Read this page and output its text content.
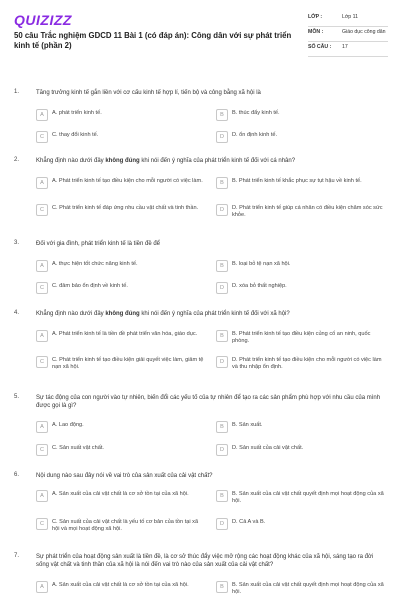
QUIZIZZ
50 câu Trắc nghiệm GDCD 11 Bài 1 (có đáp án): Công dân với sự phát triển kinh tế (phần 2)
LỚP :	Lớp 11
MÔN :	Giáo dục công dân
SỐ CÂU :	17
1.	Tăng trưởng kinh tế gắn liền với cơ cấu kinh tế hợp lí, tiến bộ và công bằng xã hội là
A	A. phát triển kinh tế.	B	B. thúc đẩy kinh tế.
C	C. thay đổi kinh tế.	D	D. ổn định kinh tế.
2.	Khẳng định nào dưới đây không đúng khi nói đến ý nghĩa của phát triển kinh tế đối với cá nhân?
A	A. Phát triển kinh tế tạo điều kiện cho mỗi người có việc làm.	B	B. Phát triển kinh tế khắc phục sự tụt hậu về kinh tế.
C	C. Phát triển kinh tế đáp ứng nhu cầu vật chất và tinh thần.	D	D. Phát triển kinh tế giúp cá nhân có điều kiện chăm sóc sức khỏe.
3.	Đối với gia đình, phát triển kinh tế là tiền đề để
A	A. thực hiện tốt chức năng kinh tế.	B	B. loại bỏ tệ nạn xã hội.
C	C. đảm bảo ổn định về kinh tế.	D	D. xóa bỏ thất nghiệp.
4.	Khẳng định nào dưới đây không đúng khi nói đến ý nghĩa của phát triển kinh tế đối với xã hội?
A	A. Phát triển kinh tế là tiền đề phát triển văn hóa, giáo dục.	B	B. Phát triển kinh tế tạo điều kiện củng cố an ninh, quốc phòng.
C	C. Phát triển kinh tế tạo điều kiện giải quyết việc làm, giảm tệ nạn xã hội.
D	D. Phát triển kinh tế tạo điều kiện cho mỗi người có việc làm và thu nhập ổn định.
5.	Sự tác động của con người vào tự nhiên, biến đổi các yếu tố của tự nhiên để tạo ra các sản phẩm phù hợp với nhu cầu của mình được gọi là gì?
A	A. Lao động.	B	B. Sản xuất.
C	C. Sản xuất vật chất.	D	D. Sản xuất của cải vật chất.
6.	Nội dung nào sau đây nói về vai trò của sản xuất của cải vật chất?
A	A. Sản xuất của cải vật chất là cơ sở tồn tại của xã hội.	B	B. Sản xuất của cải vật chất quyết định mọi hoạt động của xã hội.
C	C. Sản xuất của cải vật chất là yếu tố cơ bản của tồn tại xã hội và mọi hoạt động xã hội.
D	D. Cả A và B.
7.	Sự phát triển của hoạt động sản xuất là tiền đề, là cơ sở thúc đẩy việc mở rộng các hoạt động khác của xã hội, sáng tạo ra đời sống vật chất và tinh thần của xã hội là nói đến vai trò nào của sản xuất của cải vật chất?
A	A. Sản xuất của cải vật chất là cơ sở tồn tại của xã hội.	B	B. Sản xuất của cải vật chất quyết định mọi hoạt động của xã hội.
